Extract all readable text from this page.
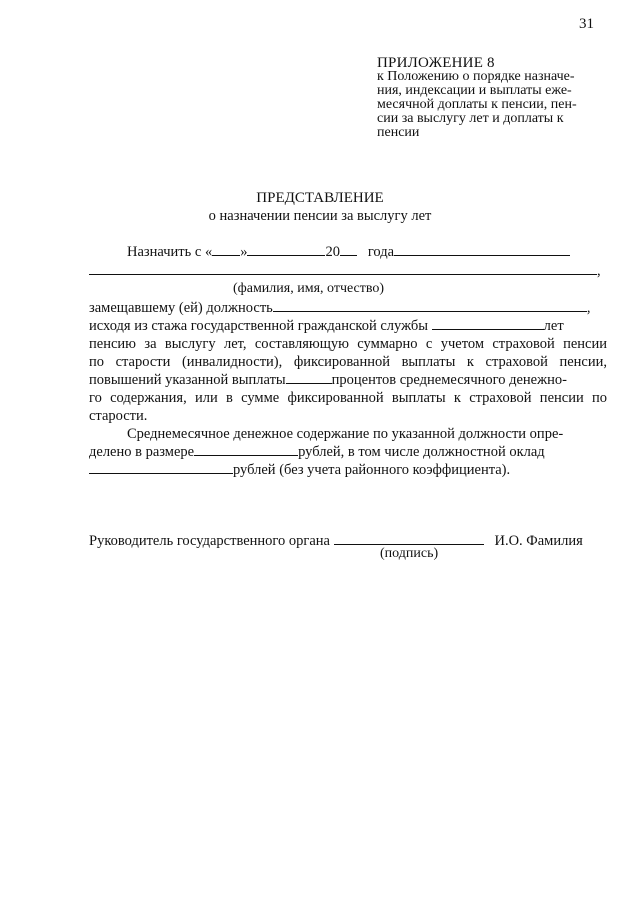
31
ПРИЛОЖЕНИЕ 8
к Положению о порядке назначе-
ния, индексации и выплаты еже-
месячной доплаты к пенсии, пен-
сии за выслугу лет и доплаты к
пенсии
ПРЕДСТАВЛЕНИЕ
о назначении пенсии за выслугу лет
Назначить с « »	20 года
,
(фамилия, имя, отчество)
замещавшему (ей) должность	,
исходя из стажа государственной гражданской службы	лет
пенсию за выслугу лет, составляющую суммарно с учетом страховой пенсии
по старости (инвалидности), фиксированной выплаты к страховой пенсии,
повышений указанной выплаты	процентов среднемесячного денежно-
го содержания, или в сумме фиксированной выплаты к страховой пенсии по
старости.
Среднемесячное денежное содержание по указанной должности опре-
делено в размере	рублей, в том числе должностной оклад
рублей (без учета районного коэффициента).
Руководитель государственного органа	И.О. Фамилия
(подпись)
